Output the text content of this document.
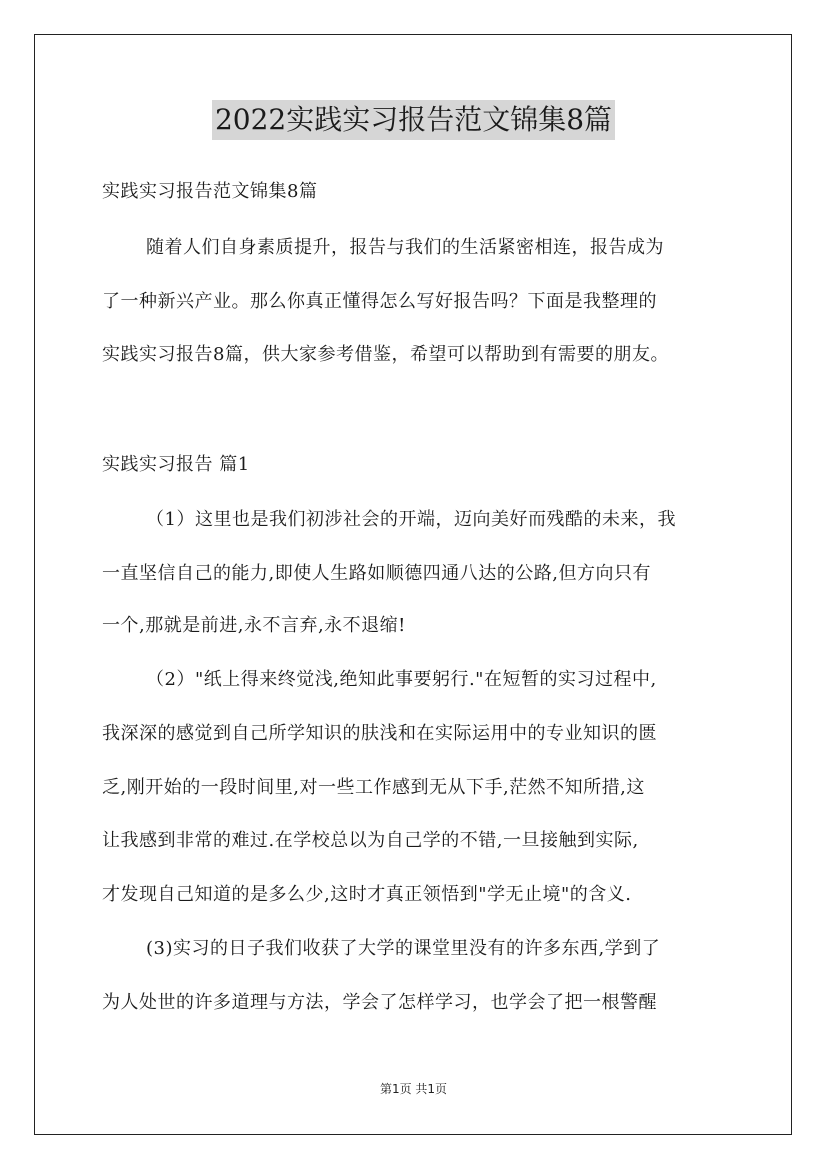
2022实践实习报告范文锦集8篇
实践实习报告范文锦集8篇
随着人们自身素质提升，报告与我们的生活紧密相连，报告成为
了一种新兴产业。那么你真正懂得怎么写好报告吗？下面是我整理的
实践实习报告8篇，供大家参考借鉴，希望可以帮助到有需要的朋友。
实践实习报告 篇1
（1）这里也是我们初涉社会的开端，迈向美好而残酷的未来，我
一直坚信自己的能力,即使人生路如顺德四通八达的公路,但方向只有
一个,那就是前进,永不言弃,永不退缩!
（2）"纸上得来终觉浅,绝知此事要躬行."在短暂的实习过程中,
我深深的感觉到自己所学知识的肤浅和在实际运用中的专业知识的匮
乏,刚开始的一段时间里,对一些工作感到无从下手,茫然不知所措,这
让我感到非常的难过.在学校总以为自己学的不错,一旦接触到实际,
才发现自己知道的是多么少,这时才真正领悟到"学无止境"的含义.
(3)实习的日子我们收获了大学的课堂里没有的许多东西,学到了
为人处世的许多道理与方法，学会了怎样学习，也学会了把一根警醒
第1页 共1页
